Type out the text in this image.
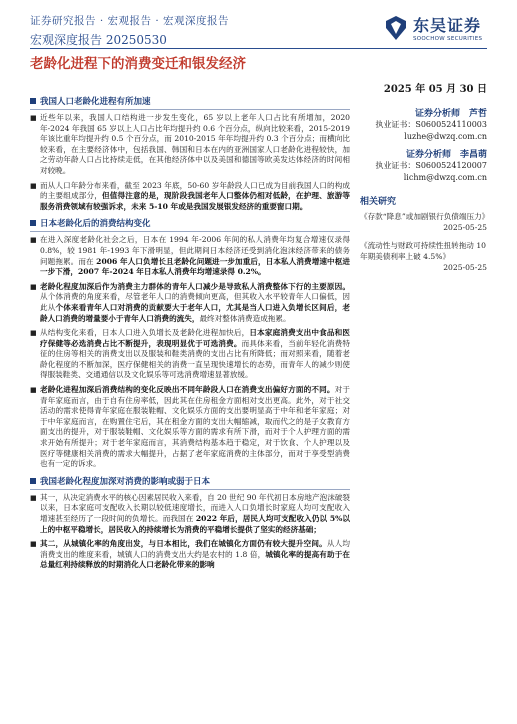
证券研究报告 · 宏观报告 · 宏观深度报告	东吴证券
SOOCHOW SECURITIES
宏观深度报告 20250530
老龄化进程下的消费变迁和银发经济
2025 年 05 月 30 日
我国人口老龄化进程有所加速
■ 近些年以来，我国人口结构进一步发生变化，65 岁以上老年人口占比有所增加，2020 年-2024 年我国 65 岁以上人口占比年均提升约 0.6 个百分点，纵向比较来看，2015-2019 年该比重年均提升约 0.5 个百分点，而 2010-2015 年年均提升约 0.3 个百分点；而横向比较来看，在主要经济体中，包括我国、韩国和日本在内的亚洲国家人口老龄化进程较快，加之劳动年龄人口占比持续走低，在其他经济体中以及美国和德国等欧美发达体经济的时间相对较晚。
■ 而从人口年龄分布来看，截至 2023 年底，50-60 岁年龄段人口已成为目前我国人口的构成的主要组成部分，但值得注意的是，现阶段我国老年人口整体仍相对低龄，在护理、旅游等服务消费领域有较强诉求，未来 5-10 年或是我国发展银发经济的重要窗口期。
日本老龄化后的消费结构变化
■ 在进入深度老龄化社会之后，日本在 1994 年-2006 年间的私人消费年均复合增速仅录得 0.8%，较 1981 年-1993 年下滑明显，但此期间日本经济还受到消化泡沫经济带来的债务问题拖累。而在 2006 年人口负增长且老龄化问题进一步加重后，日本私人消费增速中枢进一步下滑，2007 年-2024 年日本私人消费年均增速录得 0.2%。
■ 老龄化程度加深后作为消费主力群体的青年人口减少是导致私人消费整体下行的主要原因。从个体消费的角度来看，尽管老年人口的消费倾向更高，但其收入水平较青年人口偏低，因此从个体来看青年人口对消费的贡献要大于老年人口，尤其是当人口进入负增长区间后，老龄人口消费的增量要小于青年人口消费的流失，最终对整体消费造成拖累。
■ 从结构变化来看，日本人口进入负增长及老龄化进程加快后，日本家庭消费支出中食品和医疗保健等必选消费占比不断提升，表现明显优于可选消费。而具体来看，当前年轻化消费特征的住房等相关的消费支出以及服装和鞋类消费的支出占比有所降低；而对照来看，随着老龄化程度的不断加深，医疗保健相关的消费一直呈现快速增长的态势，而青年人的减少则使得服装鞋类、交通通信以及文化娱乐等可选消费增速显著放缓。
■ 老龄化进程加深后消费结构的变化反映出不同年龄段人口在消费支出偏好方面的不同。对于青年家庭而言，由于自有住房率低，因此其在住房租金方面相对支出更高。此外，对于社交活动的需求使得青年家庭在服装鞋帽、文化娱乐方面的支出要明显高于中年和老年家庭；对于中年家庭而言，在购置住宅后，其在租金方面的支出大幅缩减，取而代之的是子女教育方面支出的提升，对于服装鞋帽、文化娱乐等方面的需求有所下滑，而对于个人护理方面的需求开始有所提升；对于老年家庭而言，其消费结构基本趋于稳定，对于饮食、个人护理以及医疗等健康相关消费的需求大幅提升，占据了老年家庭消费的主体部分，而对于享受型消费也有一定的诉求。
我国老龄化程度加深对消费的影响或弱于日本
■ 其一，从决定消费水平的核心因素居民收入来看，自 20 世纪 90 年代初日本房地产泡沫破裂以来，日本家庭可支配收入长期以较低速度增长，而进入人口负增长时家庭人均可支配收入增速甚至经历了一段时间的负增长。而我国在 2022 年后，居民人均可支配收入仍以 5%以上的中枢平稳增长，居民收入的持续增长为消费的平稳增长提供了坚实的经济基础；
■ 其二，从城镇化率的角度出发，与日本相比，我们在城镇化方面仍有较大提升空间。从人均消费支出的维度来看，城镇人口的消费支出大约是农村的 1.8 倍，城镇化率的提高有助于在总量红利持续释放的时期消化人口老龄化带来的影响
证券分析师　芦哲
执业证书：S0600524110003
luzhe@dwzq.com.cn
证券分析师　李昌萌
执业证书：S0600524120007
lichm@dwzq.com.cn
相关研究
《存款“降息”或加剧银行负债端压力》
2025-05-25
《流动性与财政可持续性扭转拖动 10 年期美债利率上破 4.5%》
2025-05-25
